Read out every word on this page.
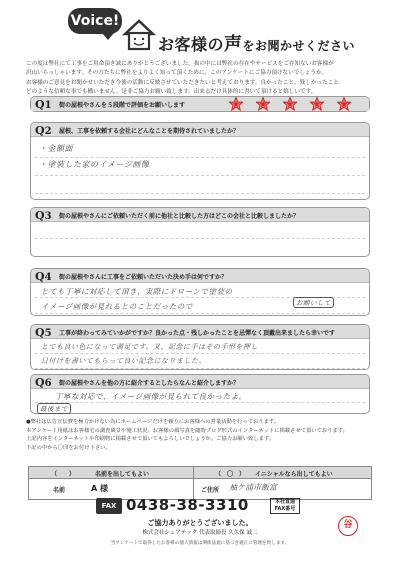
Voice!
お客様の声をお聞かせください
この度は弊社にて工事をご用命頂き誠にありがとうございました。抜の中には弊社の存在やサービスをご存知ないお客様が
沢山いらっしゃいます。その方たちに弊社をよりよく知って頂くために、このアンケートにご協力頂けないでしょうか。
お客様のご意見をお聞かせいただき今後の活動に反映させていただきたいと考えております。良かったこと、残しかったこと
どのような信頼な事でも構いません。是非ご協力お願い致します。出来るだけ具体的に書いて頂けると嬉しいです。
Q1 街の屋根やさんを５段階で評価をお願いします

Q2 屋根、工事を依頼する会社にどんなことを期待されていましたか？
・金額面
・塗装した家のイメージ画像
Q3 街の屋根やさんにご依頼いただく前に他社と比較した方はどこの会社と比較しましたか？
Q4 街の屋根やさんに工事をご依頼いただいた決め手は何ですか？
とても丁寧に対応して頂き、実際にドローンで塗装の
イメージ画像が見れるとのことだったので	お願いして
Q5 工事が終わってみていかがですか？良かった点・残しかったことを忌憚なく頂戴出来ましたら幸いです
とても良い色になって満足です。又、記念に手はその手形を押し
日付けを書いてもらって良い記念になりました。
Q6 街の屋根やさんを他の方に紹介するとしたらなんと紹介しますか？
丁寧な対応で、イメージ画像が見られて良かったよ。
最後まで
●弊社は広告宣伝費を極力かけない為にホームページだけを頼りにお客様への営業活動を行っております。
本アンケート用紙はお客様宅の調査風景や施工状況、お客様の顔写真を随時ブログ形式のインターネットに掲載させて頂いております。
上記内容をインターネットや印刷物に掲載させて頂いてもよろしいでしょうか。ご協力お願い致します。
下記の中から〇印をお付け下さい。
（　　）	名前を出してもよい	（　〇　） イニシャルなら出してもよい
名前	A 様	ご住所 袖ケ浦市飯富
FAX 0438-38-3310	本社直通FAX番号
ご協力ありがとうございました。
株式会社シェアテック 代表取締役 久久保 誠二
当アンケートで取得したお客様の個人情報は関係法規に基づき適正に管理を致します。
谷
